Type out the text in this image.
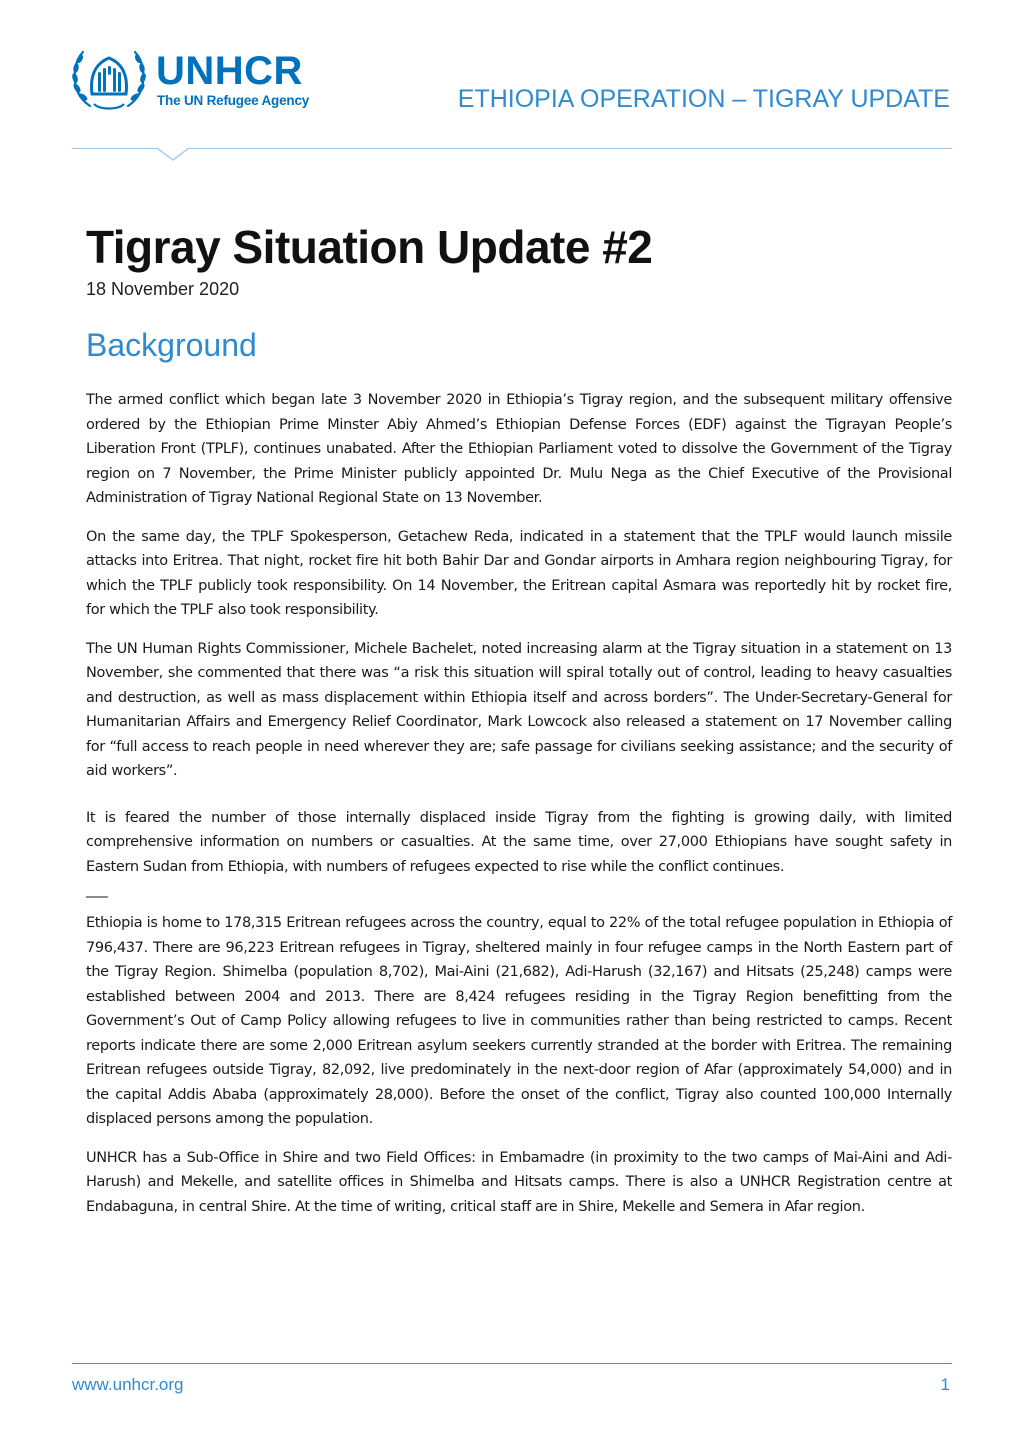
UNHCR
The UN Refugee Agency	ETHIOPIA OPERATION – TIGRAY UPDATE
Tigray Situation Update #2

18 November 2020

Background

The armed conflict which began late 3 November 2020 in Ethiopia’s Tigray region, and the subsequent military offensive ordered by the Ethiopian Prime Minster Abiy Ahmed’s Ethiopian Defense Forces (EDF) against the Tigrayan People’s Liberation Front (TPLF), continues unabated. After the Ethiopian Parliament voted to dissolve the Government of the Tigray region on 7 November, the Prime Minister publicly appointed Dr. Mulu Nega as the Chief Executive of the Provisional Administration of Tigray National Regional State on 13 November.

On the same day, the TPLF Spokesperson, Getachew Reda, indicated in a statement that the TPLF would launch missile attacks into Eritrea. That night, rocket fire hit both Bahir Dar and Gondar airports in Amhara region neighbouring Tigray, for which the TPLF publicly took responsibility. On 14 November, the Eritrean capital Asmara was reportedly hit by rocket fire, for which the TPLF also took responsibility.

The UN Human Rights Commissioner, Michele Bachelet, noted increasing alarm at the Tigray situation in a statement on 13 November, she commented that there was “a risk this situation will spiral totally out of control, leading to heavy casualties and destruction, as well as mass displacement within Ethiopia itself and across borders”. The Under-Secretary-General for Humanitarian Affairs and Emergency Relief Coordinator, Mark Lowcock also released a statement on 17 November calling for “full access to reach people in need wherever they are; safe passage for civilians seeking assistance; and the security of aid workers”.

It is feared the number of those internally displaced inside Tigray from the fighting is growing daily, with limited comprehensive information on numbers or casualties. At the same time, over 27,000 Ethiopians have sought safety in Eastern Sudan from Ethiopia, with numbers of refugees expected to rise while the conflict continues.

___

Ethiopia is home to 178,315 Eritrean refugees across the country, equal to 22% of the total refugee population in Ethiopia of 796,437. There are 96,223 Eritrean refugees in Tigray, sheltered mainly in four refugee camps in the North Eastern part of the Tigray Region. Shimelba (population 8,702), Mai-Aini (21,682), Adi-Harush (32,167) and Hitsats (25,248) camps were established between 2004 and 2013. There are 8,424 refugees residing in the Tigray Region benefitting from the Government’s Out of Camp Policy allowing refugees to live in communities rather than being restricted to camps. Recent reports indicate there are some 2,000 Eritrean asylum seekers currently stranded at the border with Eritrea. The remaining Eritrean refugees outside Tigray, 82,092, live predominately in the next-door region of Afar (approximately 54,000) and in the capital Addis Ababa (approximately 28,000). Before the onset of the conflict, Tigray also counted 100,000 Internally displaced persons among the population.

UNHCR has a Sub-Office in Shire and two Field Offices: in Embamadre (in proximity to the two camps of Mai-Aini and Adi-Harush) and Mekelle, and satellite offices in Shimelba and Hitsats camps. There is also a UNHCR Registration centre at Endabaguna, in central Shire. At the time of writing, critical staff are in Shire, Mekelle and Semera in Afar region.

www.unhcr.org	1
